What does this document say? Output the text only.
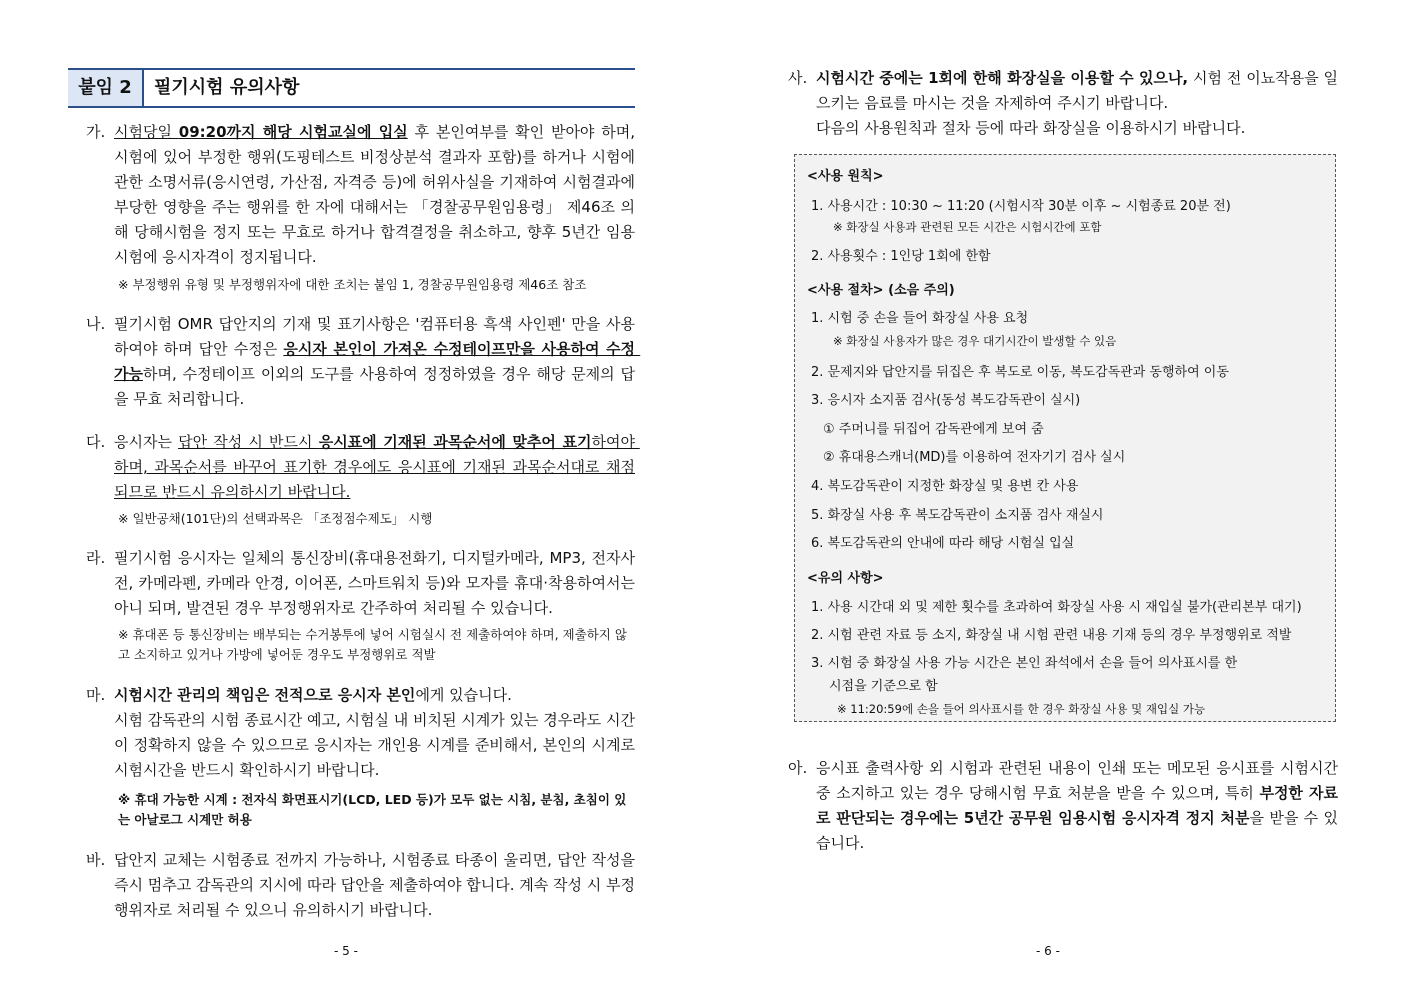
붙임 2	필기시험 유의사항
가. 시험당일 09:20까지 해당 시험교실에 입실 후 본인여부를 확인 받아야 하며, 시험에 있어 부정한 행위(도핑테스트 비정상분석 결과자 포함)를 하거나 시험에 관한 소명서류(응시연령, 가산점, 자격증 등)에 허위사실을 기재하여 시험결과에 부당한 영향을 주는 행위를 한 자에 대해서는 「경찰공무원임용령」 제46조 의해 당해시험을 정지 또는 무효로 하거나 합격결정을 취소하고, 향후 5년간 임용시험에 응시자격이 정지됩니다.
※ 부정행위 유형 및 부정행위자에 대한 조치는 붙임 1, 경찰공무원임용령 제46조 참조
나. 필기시험 OMR 답안지의 기재 및 표기사항은 '컴퓨터용 흑색 사인펜' 만을 사용하여야 하며 답안 수정은 응시자 본인이 가져온 수정테이프만을 사용하여 수정 가능하며, 수정테이프 이외의 도구를 사용하여 정정하였을 경우 해당 문제의 답을 무효 처리합니다.
다. 응시자는 답안 작성 시 반드시 응시표에 기재된 과목순서에 맞추어 표기하여야 하며, 과목순서를 바꾸어 표기한 경우에도 응시표에 기재된 과목순서대로 채점되므로 반드시 유의하시기 바랍니다.
※ 일반공채(101단)의 선택과목은 「조정점수제도」 시행
라. 필기시험 응시자는 일체의 통신장비(휴대용전화기, 디지털카메라, MP3, 전자사전, 카메라펜, 카메라 안경, 이어폰, 스마트워치 등)와 모자를 휴대·착용하여서는 아니 되며, 발견된 경우 부정행위자로 간주하여 처리될 수 있습니다.
※ 휴대폰 등 통신장비는 배부되는 수거봉투에 넣어 시험실시 전 제출하여야 하며, 제출하지 않고 소지하고 있거나 가방에 넣어둔 경우도 부정행위로 적발
마. 시험시간 관리의 책임은 전적으로 응시자 본인에게 있습니다.
시험 감독관의 시험 종료시간 예고, 시험실 내 비치된 시계가 있는 경우라도 시간이 정확하지 않을 수 있으므로 응시자는 개인용 시계를 준비해서, 본인의 시계로 시험시간을 반드시 확인하시기 바랍니다.
※ 휴대 가능한 시계 : 전자식 화면표시기(LCD, LED 등)가 모두 없는 시침, 분침, 초침이 있는 아날로그 시계만 허용
바. 답안지 교체는 시험종료 전까지 가능하나, 시험종료 타종이 울리면, 답안 작성을 즉시 멈추고 감독관의 지시에 따라 답안을 제출하여야 합니다. 계속 작성 시 부정행위자로 처리될 수 있으니 유의하시기 바랍니다.
- 5 -
사. 시험시간 중에는 1회에 한해 화장실을 이용할 수 있으나, 시험 전 이뇨작용을 일으키는 음료를 마시는 것을 자제하여 주시기 바랍니다.
다음의 사용원칙과 절차 등에 따라 화장실을 이용하시기 바랍니다.
<사용 원칙>
1. 사용시간 : 10:30 ~ 11:20 (시험시작 30분 이후 ~ 시험종료 20분 전)
※ 화장실 사용과 관련된 모든 시간은 시험시간에 포함
2. 사용횟수 : 1인당 1회에 한함
<사용 절차> (소음 주의)
1. 시험 중 손을 들어 화장실 사용 요청
※ 화장실 사용자가 많은 경우 대기시간이 발생할 수 있음
2. 문제지와 답안지를 뒤집은 후 복도로 이동, 복도감독관과 동행하여 이동
3. 응시자 소지품 검사(동성 복도감독관이 실시)
① 주머니를 뒤집어 감독관에게 보여 줌
② 휴대용스캐너(MD)를 이용하여 전자기기 검사 실시
4. 복도감독관이 지정한 화장실 및 용변 칸 사용
5. 화장실 사용 후 복도감독관이 소지품 검사 재실시
6. 복도감독관의 안내에 따라 해당 시험실 입실
<유의 사항>
1. 사용 시간대 외 및 제한 횟수를 초과하여 화장실 사용 시 재입실 불가(관리본부 대기)
2. 시험 관련 자료 등 소지, 화장실 내 시험 관련 내용 기재 등의 경우 부정행위로 적발
3. 시험 중 화장실 사용 가능 시간은 본인 좌석에서 손을 들어 의사표시를 한
시점을 기준으로 함
※ 11:20:59에 손을 들어 의사표시를 한 경우 화장실 사용 및 재입실 가능
아. 응시표 출력사항 외 시험과 관련된 내용이 인쇄 또는 메모된 응시표를 시험시간 중 소지하고 있는 경우 당해시험 무효 처분을 받을 수 있으며, 특히 부정한 자료로 판단되는 경우에는 5년간 공무원 임용시험 응시자격 정지 처분을 받을 수 있습니다.
- 6 -
